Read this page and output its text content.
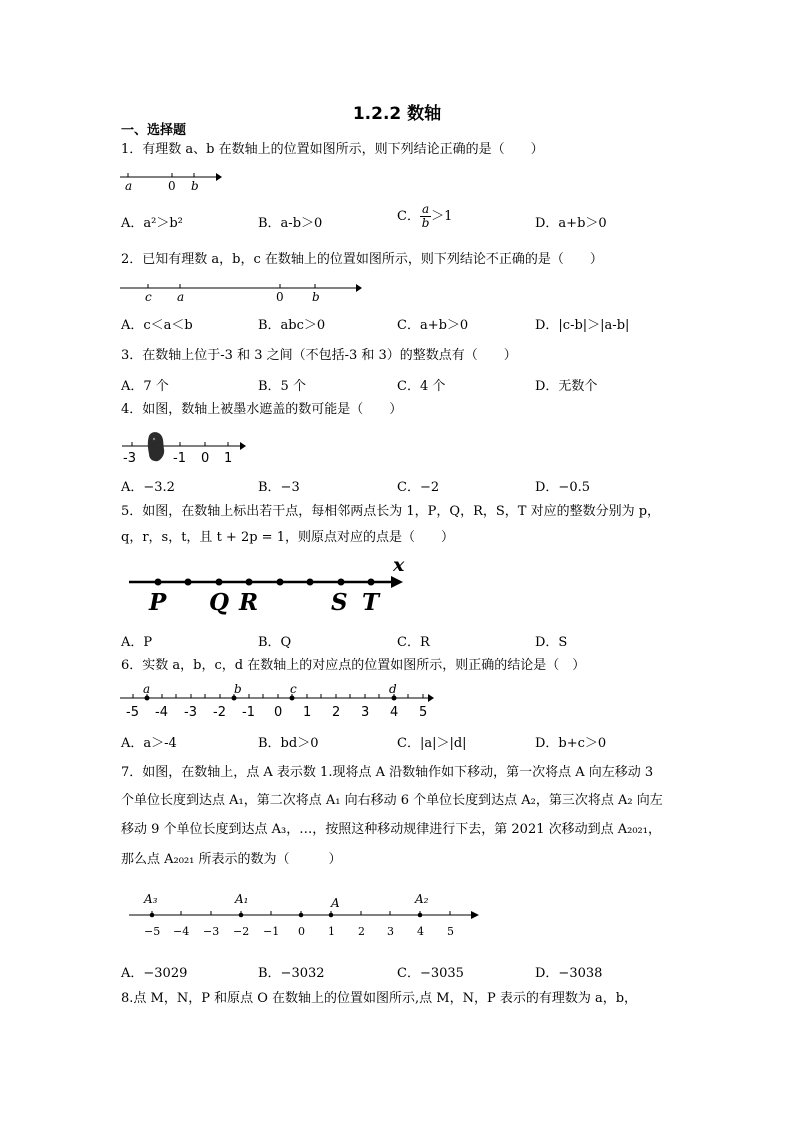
1.2.2 数轴
一、选择题
1．有理数 a、b 在数轴上的位置如图所示，则下列结论正确的是（　　）
a	0 b
A．a²＞b²	B．a-b＞0	C． $\frac{a}{b} >1$	D．a+b＞0
2．已知有理数 a，b，c 在数轴上的位置如图所示，则下列结论不正确的是（　　）
c a	0 b
A．c＜a＜b	B．abc＞0	C．a+b＞0	D．|c-b|＞|a-b|
3．在数轴上位于-3 和 3 之间（不包括-3 和 3）的整数点有（　　）
A．7 个	B．5 个	C．4 个	D．无数个
4．如图，数轴上被墨水遮盖的数可能是（　　）
-3	-1 0 1
A．−3.2	B．−3	C．−2	D．−0.5
5．如图，在数轴上标出若干点，每相邻两点长为 1，P，Q，R，S，T 对应的整数分别为 p，
q，r，s，t，且 t + 2p = 1，则原点对应的点是（　　）
P Q R	S T
x
A．P	B．Q	C．R	D．S
6．实数 a，b，c，d 在数轴上的对应点的位置如图所示，则正确的结论是（　）
a	b	c	d
-5 -4 -3 -2 -1 0 1 2 3 4 5
A．a＞-4	B．bd＞0	C．|a|＞|d|	D．b+c＞0
7．如图，在数轴上，点 A 表示数 1.现将点 A 沿数轴作如下移动，第一次将点 A 向左移动 3
个单位长度到达点 A₁，第二次将点 A₁ 向右移动 6 个单位长度到达点 A₂，第三次将点 A₂ 向左
移动 9 个单位长度到达点 A₃，…，按照这种移动规律进行下去，第 2021 次移动到点 A₂₀₂₁，
那么点 A₂₀₂₁ 所表示的数为（　　　）
A₃	A₁	A	A₂
−5 −4 −3 −2 −1 0 1 2 3 4 5
A．−3029	B．−3032	C．−3035	D．−3038
8.点 M，N，P 和原点 O 在数轴上的位置如图所示,点 M，N，P 表示的有理数为 a，b，
